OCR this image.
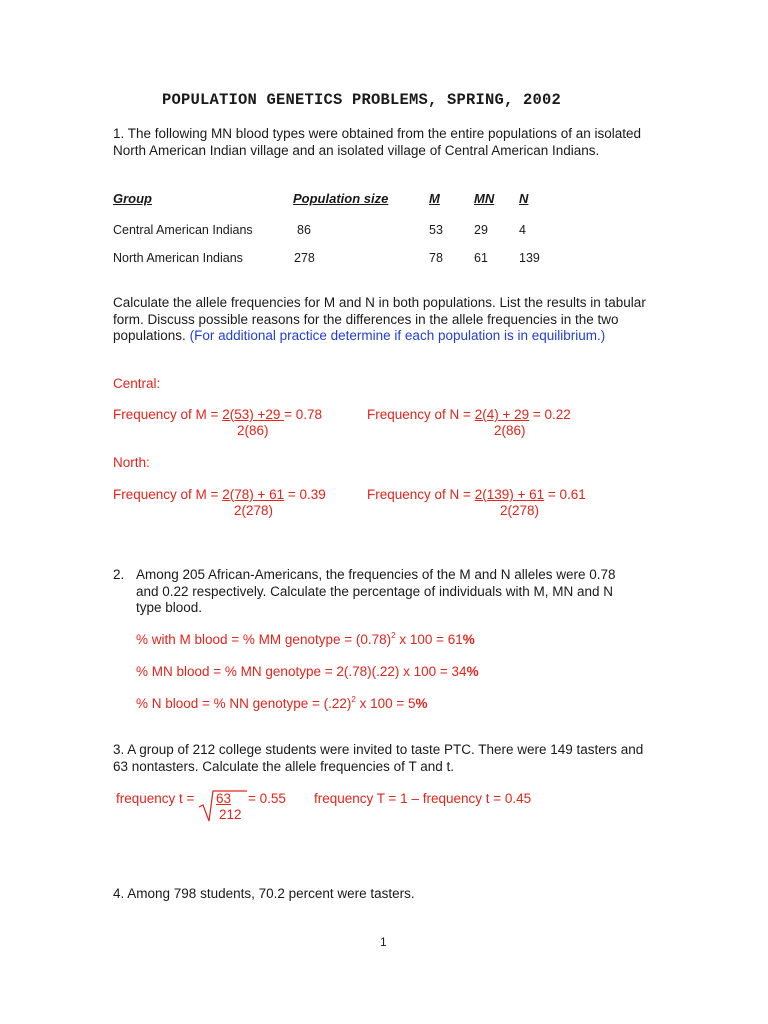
POPULATION GENETICS PROBLEMS, SPRING, 2002
1. The following MN blood types were obtained from the entire populations of an isolated North American Indian village and an isolated village of Central American Indians.
Group	Population size	M	MN N
Central American Indians	86	53 29 4
North American Indians	278	78 61 139
Calculate the allele frequencies for M and N in both populations. List the results in tabular form. Discuss possible reasons for the differences in the allele frequencies in the two populations. (For additional practice determine if each population is in equilibrium.)
Central:
Frequency of M = 2(53) +29 = 0.78
2(86)
Frequency of N = 2(4) + 29 = 0.22
2(86)
North:
Frequency of M = 2(78) + 61 = 0.39
2(278)
Frequency of N = 2(139) + 61 = 0.61
2(278)
2. Among 205 African-Americans, the frequencies of the M and N alleles were 0.78 and 0.22 respectively. Calculate the percentage of individuals with M, MN and N type blood.
% with M blood = % MM genotype = $(0.78)^2$ x 100 = 61%
% MN blood = % MN genotype = 2(.78)(.22) x 100 = 34%
% N blood = % NN genotype = $(.22)^2$ x 100 = 5%
3. A group of 212 college students were invited to taste PTC. There were 149 tasters and 63 nontasters. Calculate the allele frequencies of T and t.
frequency t = 63
212
= 0.55 frequency T = 1 – frequency t = 0.45
4. Among 798 students, 70.2 percent were tasters.
1
